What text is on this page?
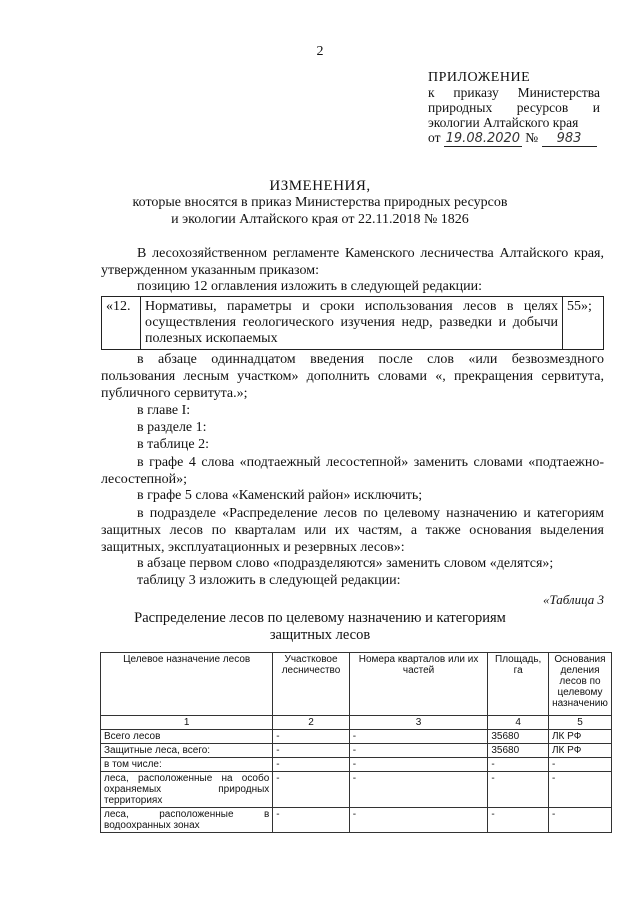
2
ПРИЛОЖЕНИЕ
к приказу Министерства
природных ресурсов и
экологии Алтайского края
от 19.08.2020 № 983
ИЗМЕНЕНИЯ,
которые вносятся в приказ Министерства природных ресурсов
и экологии Алтайского края от 22.11.2018 № 1826
В лесохозяйственном регламенте Каменского лесничества Алтайского края, утвержденном указанным приказом:
позицию 12 оглавления изложить в следующей редакции:
«12.	Нормативы, параметры и сроки использования лесов в целях осуществления геологического изучения недр, разведки и добычи полезных ископаемых	55»;
в абзаце одиннадцатом введения после слов «или безвозмездного пользования лесным участком» дополнить словами «, прекращения сервитута, публичного сервитута.»;
в главе I:
в разделе 1:
в таблице 2:
в графе 4 слова «подтаежный лесостепной» заменить словами «подтаежно-лесостепной»;
в графе 5 слова «Каменский район» исключить;
в подразделе «Распределение лесов по целевому назначению и категориям защитных лесов по кварталам или их частям, а также основания выделения защитных, эксплуатационных и резервных лесов»:
в абзаце первом слово «подразделяются» заменить словом «делятся»;
таблицу 3 изложить в следующей редакции:
«Таблица 3
Распределение лесов по целевому назначению и категориям
защитных лесов
Целевое назначение лесов	Участковое лесничество	Номера кварталов или их частей	Площадь, га	Основания деления лесов по целевому назначению
1	2	3	4	5
Всего лесов	-	-	35680	ЛК РФ
Защитные леса, всего:	-	-	35680	ЛК РФ
в том числе:	-	-	-	-
леса, расположенные на особо охраняемых природных территориях	-	-	-	-
леса, расположенные в водоохранных зонах	-	-	-	-
